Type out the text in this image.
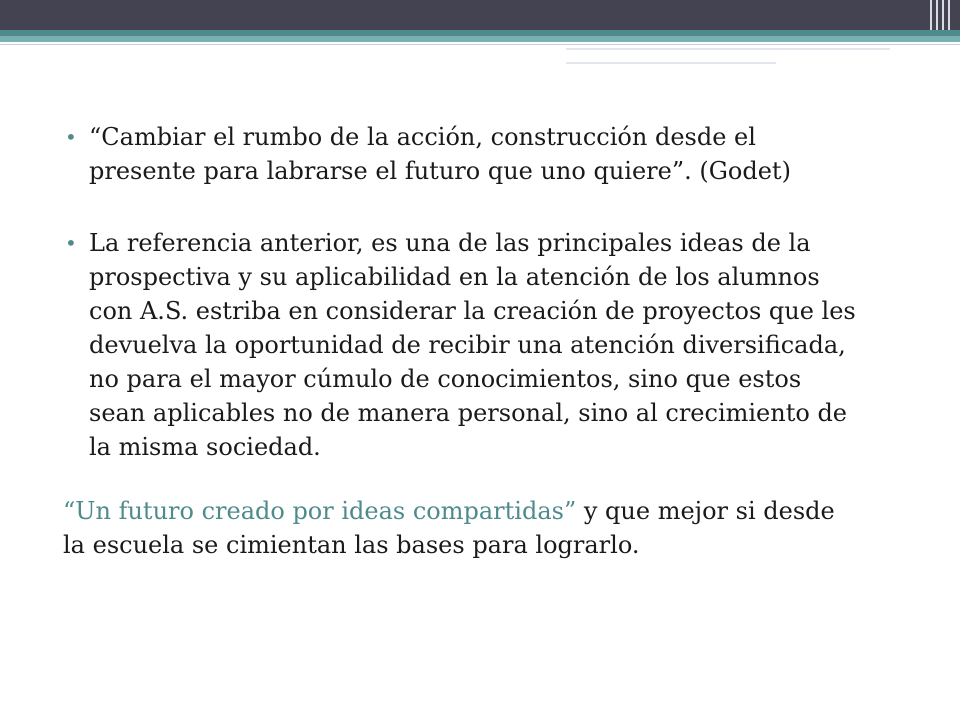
• “Cambiar el rumbo de la acción, construcción desde el presente para labrarse el futuro que uno quiere”. (Godet)
• La referencia anterior, es una de las principales ideas de la prospectiva y su aplicabilidad en la atención de los alumnos con A.S. estriba en considerar la creación de proyectos que les devuelva la oportunidad de recibir una atención diversificada, no para el mayor cúmulo de conocimientos, sino que estos sean aplicables no de manera personal, sino al crecimiento de la misma sociedad.
“Un futuro creado por ideas compartidas” y que mejor si desde la escuela se cimientan las bases para lograrlo.
